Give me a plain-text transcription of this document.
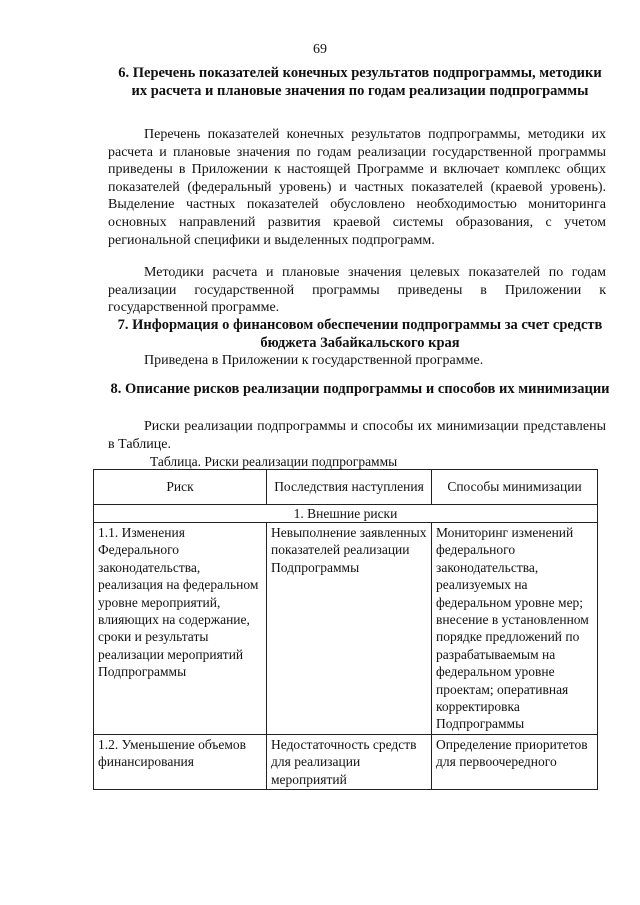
69
6. Перечень показателей конечных результатов подпрограммы, методики их расчета и плановые значения по годам реализации подпрограммы
Перечень показателей конечных результатов подпрограммы, методики их расчета и плановые значения по годам реализации государственной программы приведены в Приложении к настоящей Программе и включает комплекс общих показателей (федеральный уровень) и частных показателей (краевой уровень). Выделение частных показателей обусловлено необходимостью мониторинга основных направлений развития краевой системы образования, с учетом региональной специфики и выделенных подпрограмм.
Методики расчета и плановые значения целевых показателей по годам реализации государственной программы приведены в Приложении к государственной программе.
7. Информация о финансовом обеспечении подпрограммы за счет средств бюджета Забайкальского края
Приведена в Приложении к государственной программе.
8. Описание рисков реализации подпрограммы и способов их минимизации
Риски реализации подпрограммы и способы их минимизации представлены в Таблице.
Таблица. Риски реализации подпрограммы
Риск	Последствия наступления	Способы минимизации
1. Внешние риски		
1.1. Изменения Федерального законодательства, реализация на федеральном уровне мероприятий, влияющих на содержание, сроки и результаты реализации мероприятий Подпрограммы	Невыполнение заявленных показателей реализации Подпрограммы	Мониторинг изменений федерального законодательства, реализуемых на федеральном уровне мер; внесение в установленном порядке предложений по разрабатываемым на федеральном уровне проектам; оперативная корректировка Подпрограммы
1.2. Уменьшение объемов финансирования	Недостаточность средств для реализации мероприятий	Определение приоритетов для первоочередного
